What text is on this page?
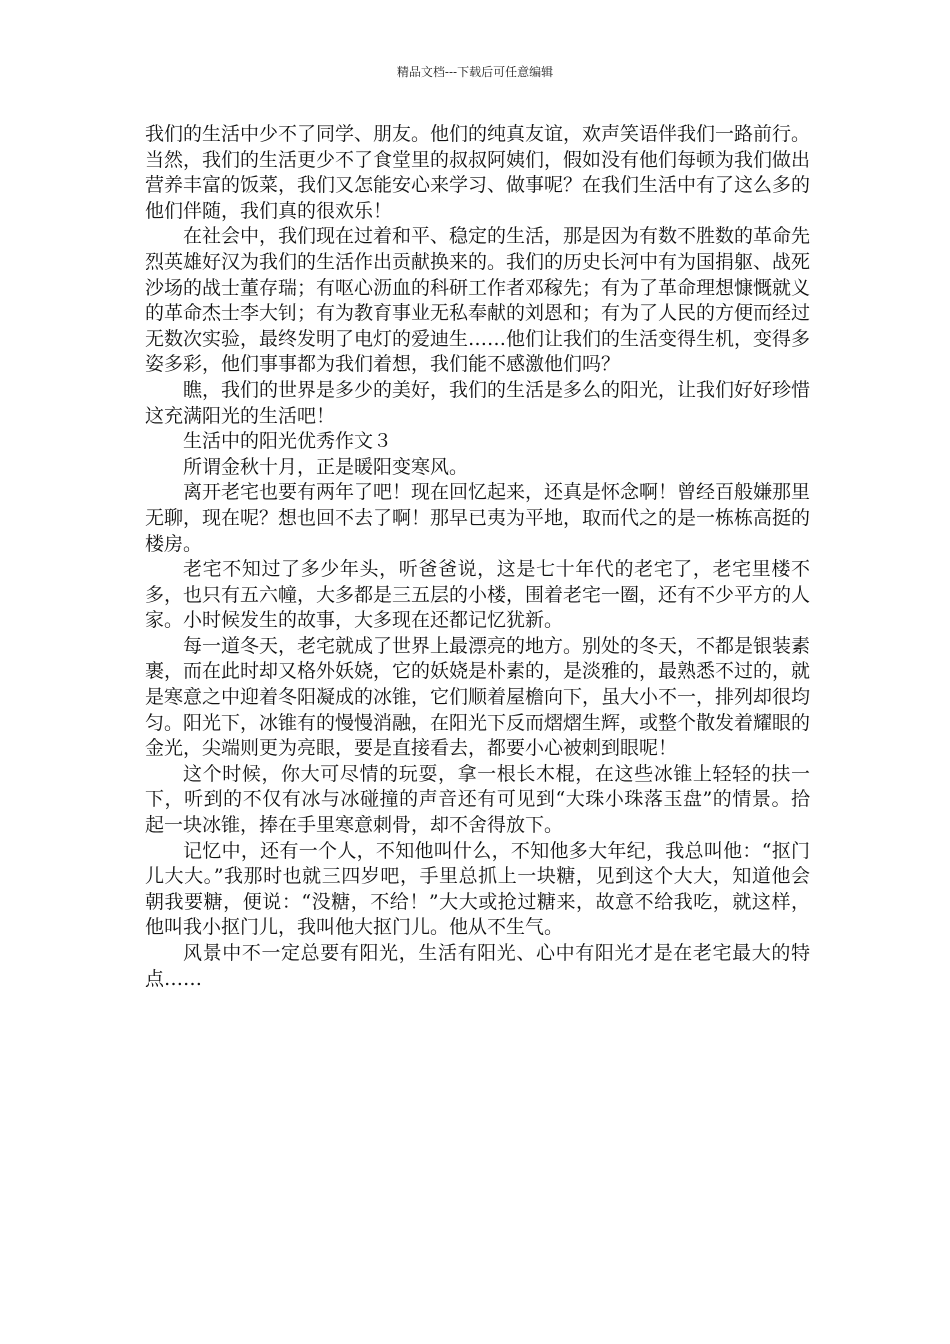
精品文档---下载后可任意编辑

我们的生活中少不了同学、朋友。他们的纯真友谊，欢声笑语伴我们一路前行。当然，我们的生活更少不了食堂里的叔叔阿姨们，假如没有他们每顿为我们做出营养丰富的饭菜，我们又怎能安心来学习、做事呢？在我们生活中有了这么多的他们伴随，我们真的很欢乐！

在社会中，我们现在过着和平、稳定的生活，那是因为有数不胜数的革命先烈英雄好汉为我们的生活作出贡献换来的。我们的历史长河中有为国捐躯、战死沙场的战士董存瑞；有呕心沥血的科研工作者邓稼先；有为了革命理想慷慨就义的革命杰士李大钊；有为教育事业无私奉献的刘恩和；有为了人民的方便而经过无数次实验，最终发明了电灯的爱迪生……他们让我们的生活变得生机，变得多姿多彩，他们事事都为我们着想，我们能不感激他们吗？

瞧，我们的世界是多少的美好，我们的生活是多么的阳光，让我们好好珍惜这充满阳光的生活吧！

生活中的阳光优秀作文３

所谓金秋十月，正是暖阳变寒风。

离开老宅也要有两年了吧！现在回忆起来，还真是怀念啊！曾经百般嫌那里无聊，现在呢？想也回不去了啊！那早已夷为平地，取而代之的是一栋栋高挺的楼房。

老宅不知过了多少年头，听爸爸说，这是七十年代的老宅了，老宅里楼不多，也只有五六幢，大多都是三五层的小楼，围着老宅一圈，还有不少平方的人家。小时候发生的故事，大多现在还都记忆犹新。

每一道冬天，老宅就成了世界上最漂亮的地方。别处的冬天，不都是银装素裹，而在此时却又格外妖娆，它的妖娆是朴素的，是淡雅的，最熟悉不过的，就是寒意之中迎着冬阳凝成的冰锥，它们顺着屋檐向下，虽大小不一，排列却很均匀。阳光下，冰锥有的慢慢消融，在阳光下反而熠熠生辉，或整个散发着耀眼的金光，尖端则更为亮眼，要是直接看去，都要小心被刺到眼呢！

这个时候，你大可尽情的玩耍，拿一根长木棍，在这些冰锥上轻轻的扶一下，听到的不仅有冰与冰碰撞的声音还有可见到“大珠小珠落玉盘”的情景。拾起一块冰锥，捧在手里寒意刺骨，却不舍得放下。

记忆中，还有一个人，不知他叫什么，不知他多大年纪，我总叫他：“抠门儿大大。”我那时也就三四岁吧，手里总抓上一块糖，见到这个大大，知道他会朝我要糖，便说：“没糖，不给！”大大或抢过糖来，故意不给我吃，就这样，他叫我小抠门儿，我叫他大抠门儿。他从不生气。

风景中不一定总要有阳光，生活有阳光、心中有阳光才是在老宅最大的特点……
